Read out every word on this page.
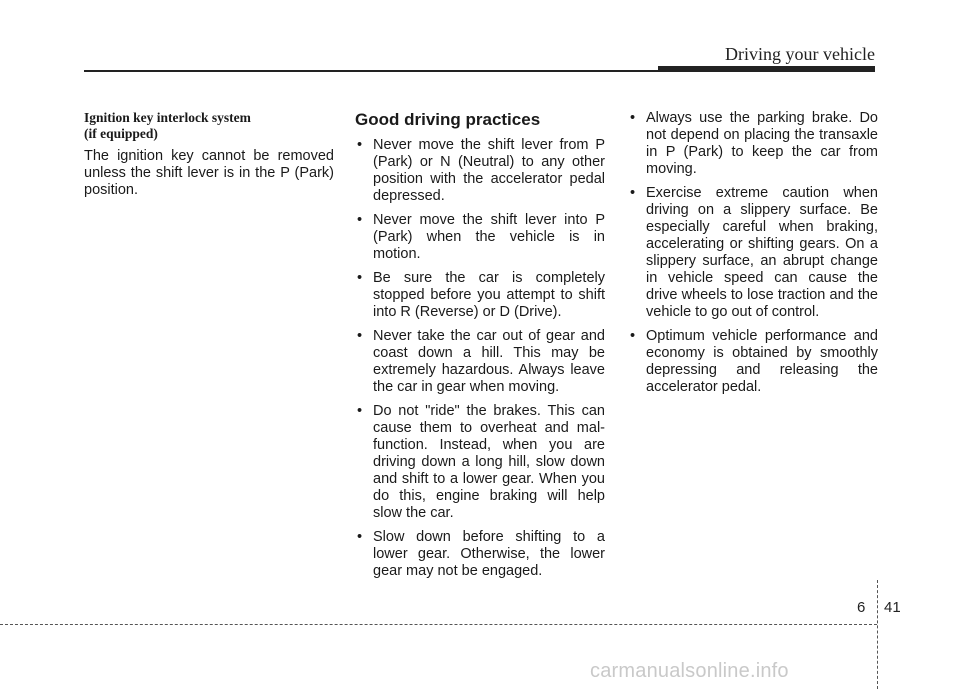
Driving your vehicle
Ignition key interlock system
(if equipped)

The ignition key cannot be removed unless the shift lever is in the P (Park) position.

Good driving practices
• Never move the shift lever from P (Park) or N (Neutral) to any other position with the accelerator pedal depressed.
• Never move the shift lever into P (Park) when the vehicle is in motion.
• Be sure the car is completely stopped before you attempt to shift into R (Reverse) or D (Drive).
• Never take the car out of gear and coast down a hill. This may be extremely hazardous. Always leave the car in gear when moving.
• Do not "ride" the brakes. This can cause them to overheat and mal-function. Instead, when you are driving down a long hill, slow down and shift to a lower gear. When you do this, engine braking will help slow the car.
• Slow down before shifting to a lower gear. Otherwise, the lower gear may not be engaged.
• Always use the parking brake. Do not depend on placing the transaxle in P (Park) to keep the car from moving.
• Exercise extreme caution when driving on a slippery surface. Be especially careful when braking, accelerating or shifting gears. On a slippery surface, an abrupt change in vehicle speed can cause the drive wheels to lose traction and the vehicle to go out of control.
• Optimum vehicle performance and economy is obtained by smoothly depressing and releasing the accelerator pedal.
6 41
carmanualsonline.info
